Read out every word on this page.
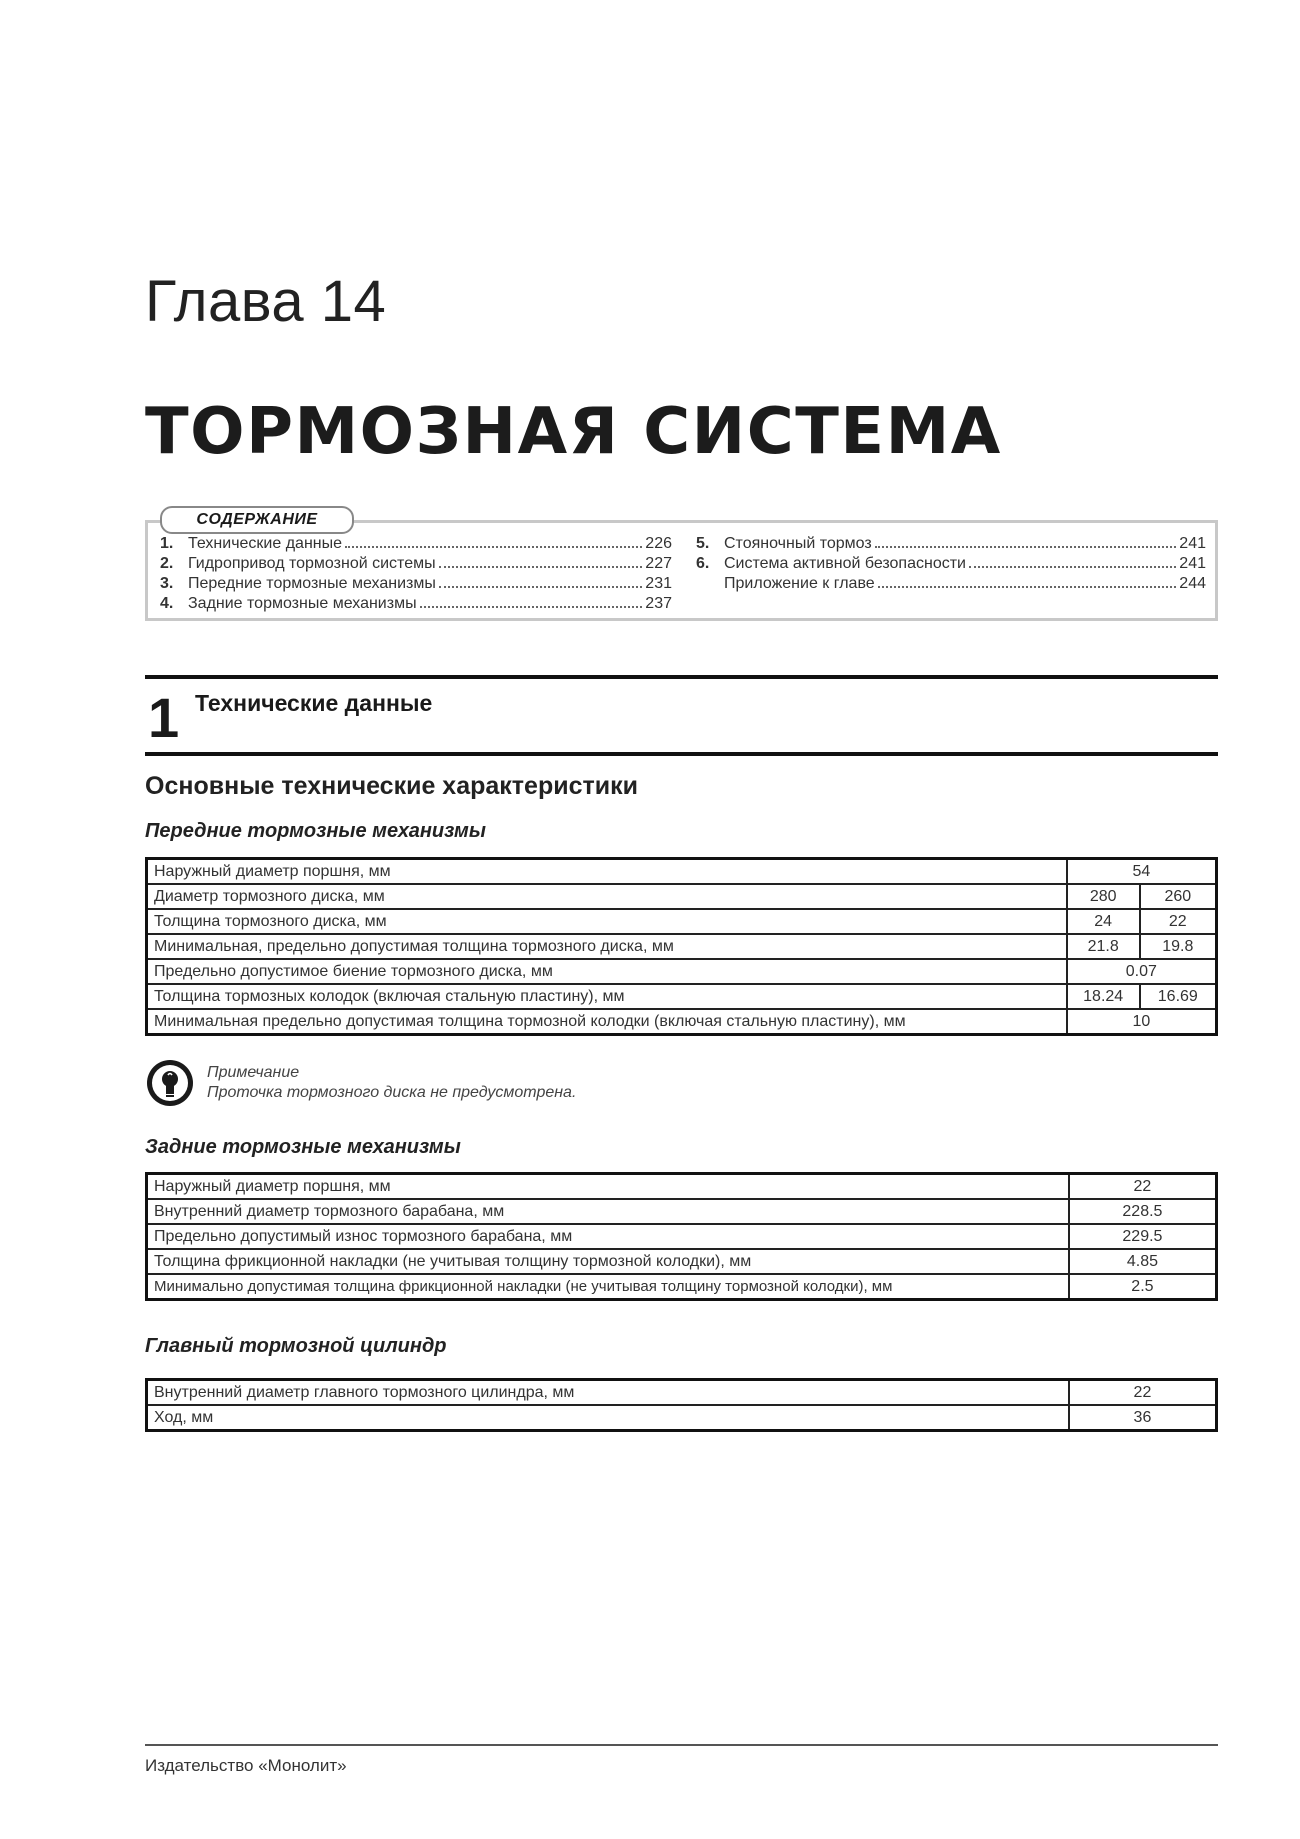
Глава 14
ТОРМОЗНАЯ СИСТЕМА
СОДЕРЖАНИЕ
1. Технические данные	226
2. Гидропривод тормозной системы	227
3. Передние тормозные механизмы	231
4. Задние тормозные механизмы	237
5. Стояночный тормоз	241
6. Система активной безопасности	241
Приложение к главе	244
1 Технические данные
Основные технические характеристики
Передние тормозные механизмы
Наружный диаметр поршня, мм	54	
Диаметр тормозного диска, мм	280	260
Толщина тормозного диска, мм	24	22
Минимальная, предельно допустимая толщина тормозного диска, мм	21.8	19.8
Предельно допустимое биение тормозного диска, мм	0.07	
Толщина тормозных колодок (включая стальную пластину), мм	18.24	16.69
Минимальная предельно допустимая толщина тормозной колодки (включая стальную пластину), мм	10	
Примечание
Проточка тормозного диска не предусмотрена.
Задние тормозные механизмы
Наружный диаметр поршня, мм	22
Внутренний диаметр тормозного барабана, мм	228.5
Предельно допустимый износ тормозного барабана, мм	229.5
Толщина фрикционной накладки (не учитывая толщину тормозной колодки), мм	4.85
Минимально допустимая толщина фрикционной накладки (не учитывая толщину тормозной колодки), мм	2.5
Главный тормозной цилиндр
Внутренний диаметр главного тормозного цилиндра, мм	22
Ход, мм	36
Издательство «Монолит»
